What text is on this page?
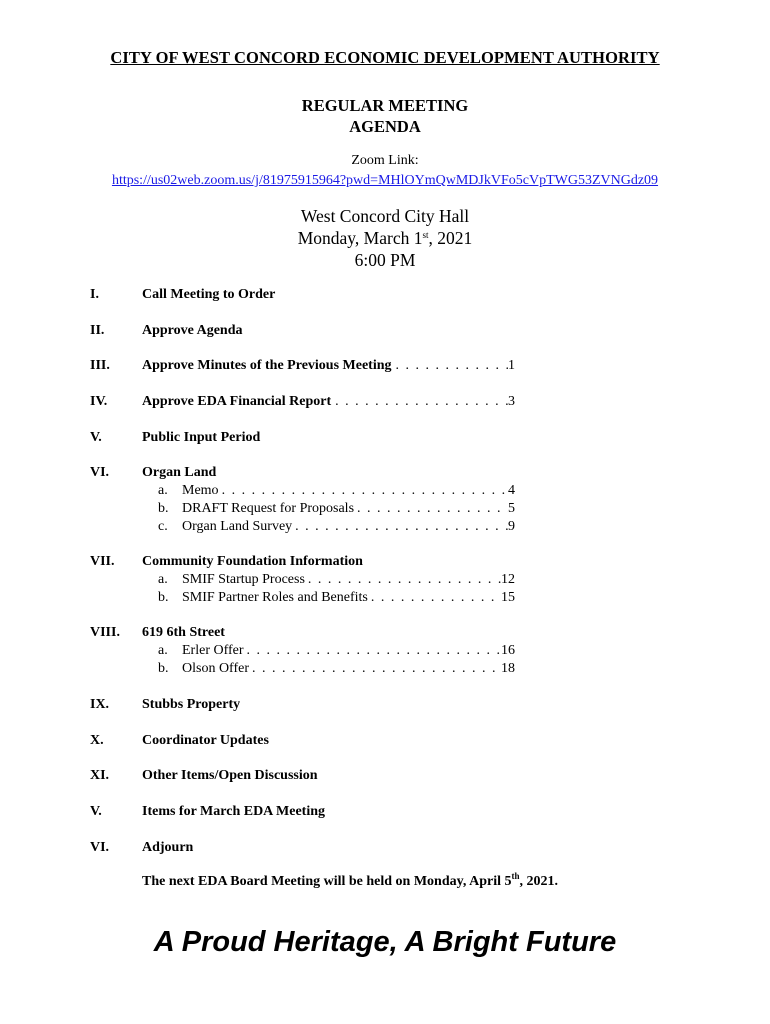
CITY OF WEST CONCORD ECONOMIC DEVELOPMENT AUTHORITY
REGULAR MEETING
AGENDA
Zoom Link:
https://us02web.zoom.us/j/81975915964?pwd=MHlOYmQwMDJkVFo5cVpTWG53ZVNGdz09
West Concord City Hall
Monday, March 1st, 2021
6:00 PM
I.	Call Meeting to Order
II.	Approve Agenda
III. Approve Minutes of the Previous Meeting . . .	1
IV. Approve EDA Financial Report . . .	3
V.	Public Input Period
VI. Organ Land
a.	Memo . . .	4
b. DRAFT Request for Proposals . . .	5
c.	Organ Land Survey . . .	9
VII. Community Foundation Information
a.	SMIF Startup Process . . .	12
b. SMIF Partner Roles and Benefits . . .	15
VIII. 619 6th Street
a.	Erler Offer . . .	16
b. Olson Offer . . .	18
IX. Stubbs Property
X.	Coordinator Updates
XI. Other Items/Open Discussion
V.	Items for March EDA Meeting
VI. Adjourn
The next EDA Board Meeting will be held on Monday, April 5th, 2021.
A Proud Heritage, A Bright Future
